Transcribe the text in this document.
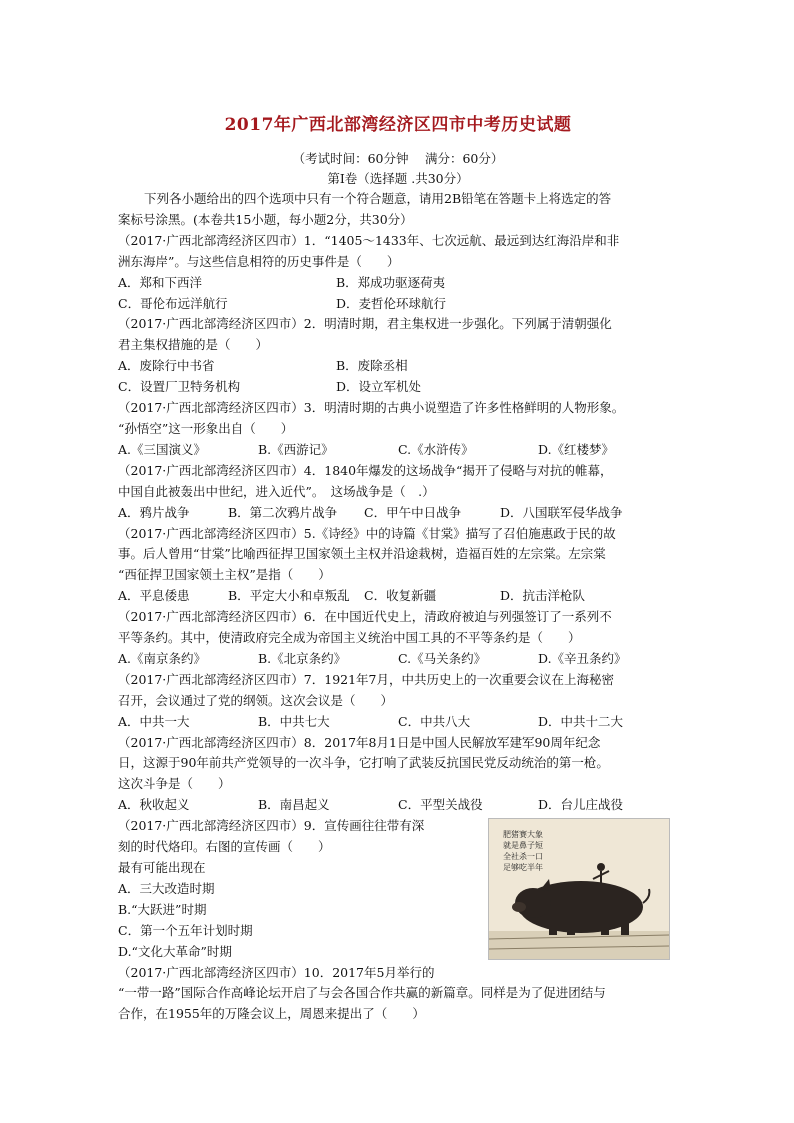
2017年广西北部湾经济区四市中考历史试题
（考试时间：60分钟　 满分：60分）
第Ⅰ卷（选择题 .共30分）
下列各小题给出的四个选项中只有一个符合题意，请用2B铅笔在答题卡上将选定的答
案标号涂黑。(本卷共15小题，每小题2分，共30分）
（2017·广西北部湾经济区四市）1．“1405～1433年、七次远航、最远到达红海沿岸和非
洲东海岸”。与这些信息相符的历史事件是（　　）
A．郑和下西洋	B．郑成功驱逐荷夷
C．哥伦布远洋航行	D．麦哲伦环球航行
（2017·广西北部湾经济区四市）2．明清时期，君主集权进一步强化。下列属于清朝强化
君主集权措施的是（　　）
A．废除行中书省	B．废除丞相
C．设置厂卫特务机构	D．设立军机处
（2017·广西北部湾经济区四市）3．明清时期的古典小说塑造了许多性格鲜明的人物形象。
“孙悟空”这一形象出自（　　）
A.《三国演义》	B.《西游记》	C.《水浒传》	D.《红楼梦》
（2017·广西北部湾经济区四市）4．1840年爆发的这场战争“揭开了侵略与对抗的帷幕，
中国自此被轰出中世纪，进入近代”。　这场战争是（　.）
A．鸦片战争	B．第二次鸦片战争	C．甲午中日战争	D．八国联军侵华战争
（2017·广西北部湾经济区四市）5.《诗经》中的诗篇《甘棠》描写了召伯施惠政于民的故
事。后人曾用“甘棠”比喻西征捍卫国家领土主权并沿途栽树，造福百姓的左宗棠。左宗棠
“西征捍卫国家领土主权”是指（　　）
A．平息倭患	B．平定大小和卓叛乱	C．收复新疆	D．抗击洋枪队
（2017·广西北部湾经济区四市）6．在中国近代史上，清政府被迫与列强签订了一系列不
平等条约。其中，使清政府完全成为帝国主义统治中国工具的不平等条约是（　　）
A.《南京条约》	B.《北京条约》	C.《马关条约》	D.《辛丑条约》
（2017·广西北部湾经济区四市）7．1921年7月，中共历史上的一次重要会议在上海秘密
召开，会议通过了党的纲领。这次会议是（　　）
A．中共一大	B．中共七大	C．中共八大	D．中共十二大
（2017·广西北部湾经济区四市）8．2017年8月1日是中国人民解放军建军90周年纪念
日，这源于90年前共产党领导的一次斗争，它打响了武装反抗国民党反动统治的第一枪。
这次斗争是（　　）
A．秋收起义	B．南昌起义	C．平型关战役	D．台儿庄战役
（2017·广西北部湾经济区四市）9．宣传画往往带有深
刻的时代烙印。右图的宣传画（　　）
最有可能出现在
A．三大改造时期
B.“大跃进”时期
C．第一个五年计划时期
D.“文化大革命”时期
肥猪赛大象
就是鼻子短
全社杀一口
足够吃半年
（2017·广西北部湾经济区四市）10．2017年5月举行的
“一带一路”国际合作高峰论坛开启了与会各国合作共赢的新篇章。同样是为了促进团结与
合作，在1955年的万隆会议上，周恩来提出了（　　）
